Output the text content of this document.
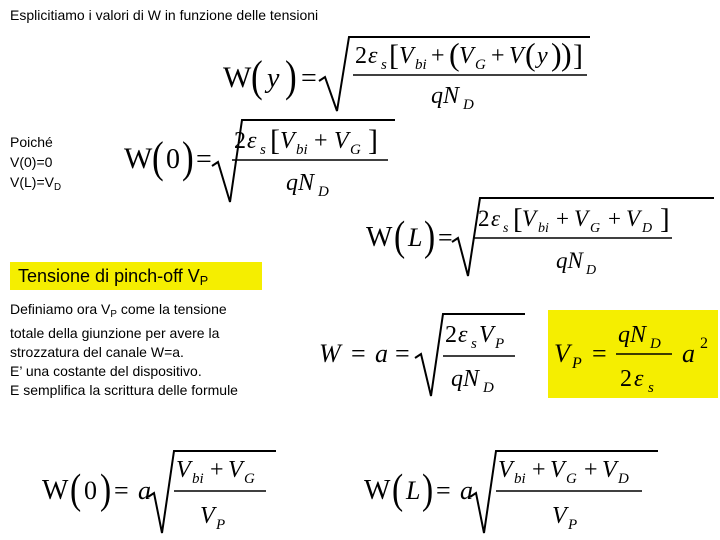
Esplicitiamo i valori di W in funzione delle tensioni
Poiché
V(0)=0
$V(L)=V_D$
Tensione di pinch-off $V_P$
Definiamo ora $V_P$ come la tensione
totale della giunzione per avere la
strozzatura del canale W=a.
E’ una costante del dispositivo.
E semplifica la scrittura delle formule
W ( y ) =
2 ε s [ V bi + ( V G + V ( y ) ) ]
qN D
W ( 0 ) =
2 ε s [ V bi + V G ]
qN D
W ( L ) =
2 ε s [ V bi + V G + V D ]
qN D
W = a =
2 ε s V P
qN D
V P =
qN D
2 ε s
a 2
W ( 0 ) = a
V bi + V G
V P
W ( L ) = a
V bi + V G + V D
V P
